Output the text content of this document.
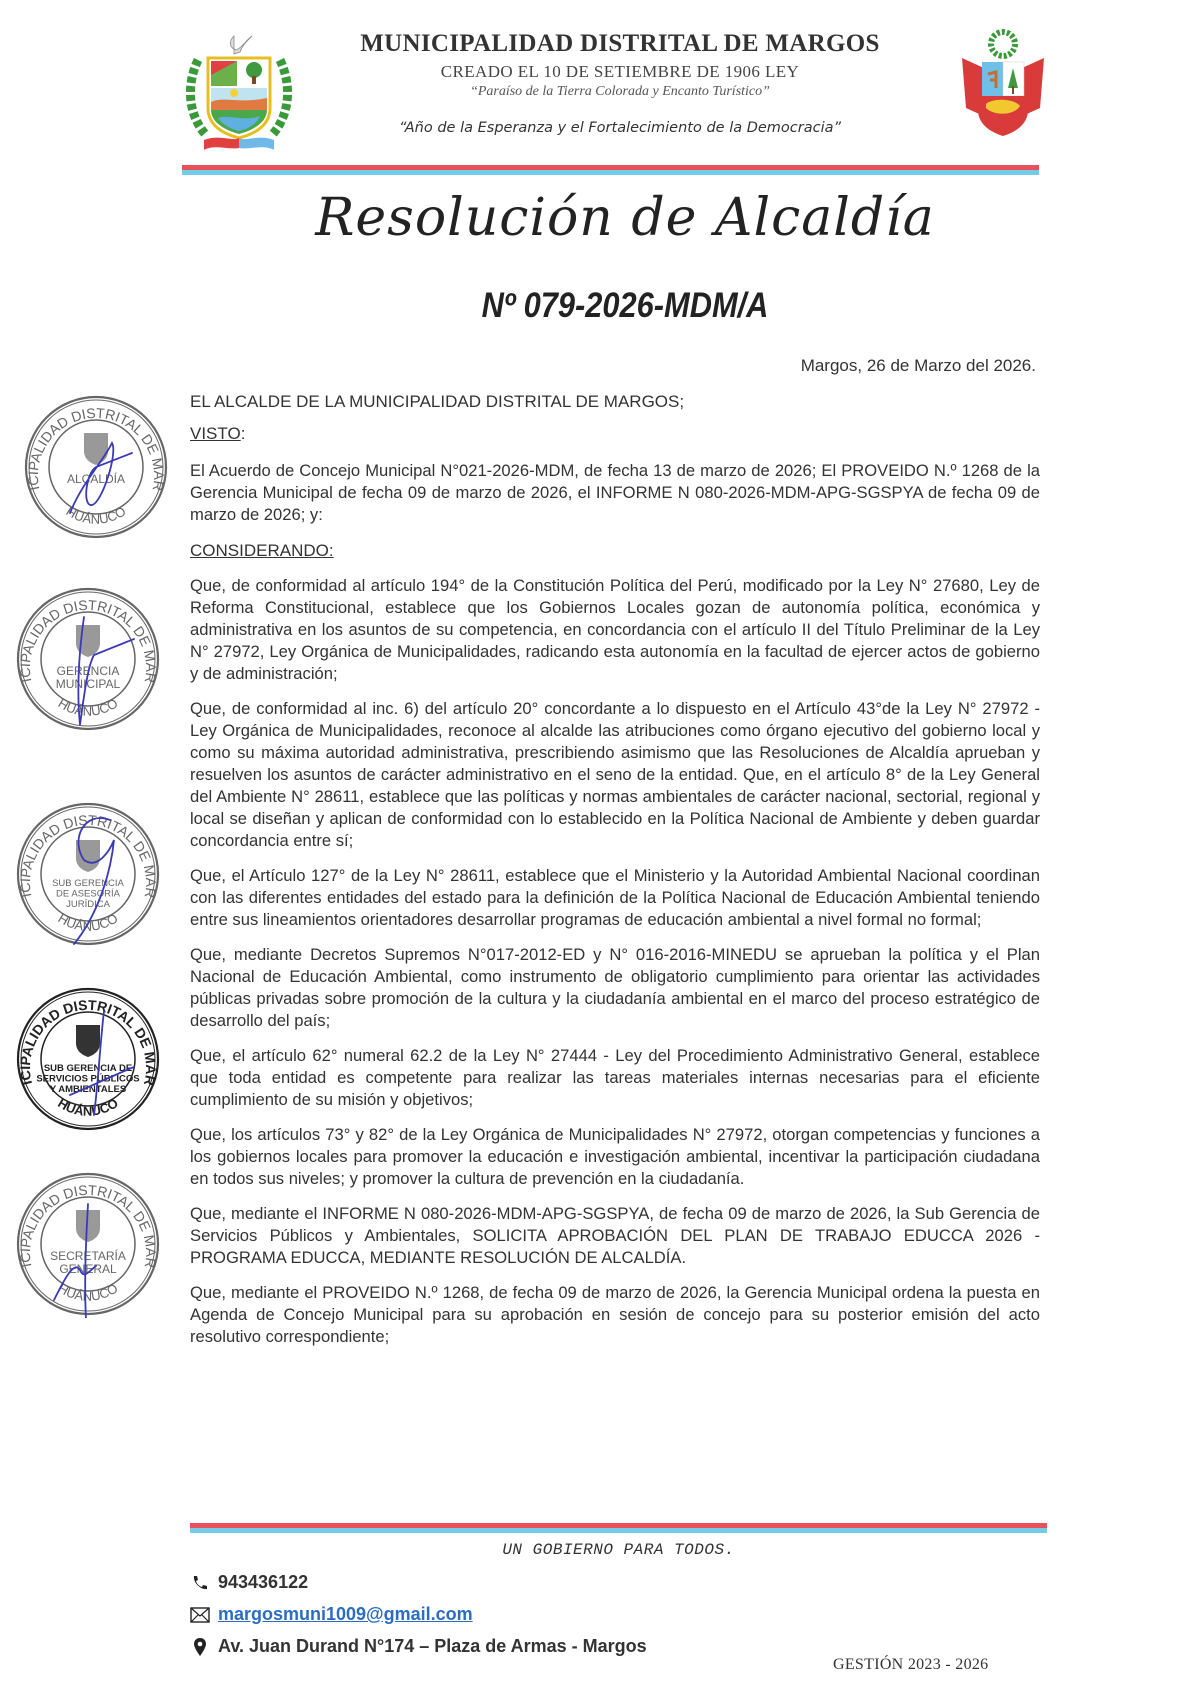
MUNICIPALIDAD DISTRITAL DE MARGOS
CREADO EL 10 DE SETIEMBRE DE 1906 LEY
“Paraíso de la Tierra Colorada y Encanto Turístico”
“Año de la Esperanza y el Fortalecimiento de la Democracia”
Resolución de Alcaldía
Nº 079-2026-MDM/A
Margos, 26 de Marzo del 2026.
EL ALCALDE DE LA MUNICIPALIDAD DISTRITAL DE MARGOS;
VISTO:
El Acuerdo de Concejo Municipal N°021-2026-MDM, de fecha 13 de marzo de 2026; El PROVEIDO N.º 1268 de la Gerencia Municipal de fecha 09 de marzo de 2026, el INFORME N 080-2026-MDM-APG-SGSPYA de fecha 09 de marzo de 2026; y:
CONSIDERANDO:

Que, de conformidad al artículo 194° de la Constitución Política del Perú, modificado por la Ley N° 27680, Ley de Reforma Constitucional, establece que los Gobiernos Locales gozan de autonomía política, económica y administrativa en los asuntos de su competencia, en concordancia con el artículo II del Título Preliminar de la Ley N° 27972, Ley Orgánica de Municipalidades, radicando esta autonomía en la facultad de ejercer actos de gobierno y de administración;

Que, de conformidad al inc. 6) del artículo 20° concordante a lo dispuesto en el Artículo 43°de la Ley N° 27972 - Ley Orgánica de Municipalidades, reconoce al alcalde las atribuciones como órgano ejecutivo del gobierno local y como su máxima autoridad administrativa, prescribiendo asimismo que las Resoluciones de Alcaldía aprueban y resuelven los asuntos de carácter administrativo en el seno de la entidad. Que, en el artículo 8° de la Ley General del Ambiente N° 28611, establece que las políticas y normas ambientales de carácter nacional, sectorial, regional y local se diseñan y aplican de conformidad con lo establecido en la Política Nacional de Ambiente y deben guardar concordancia entre sí;

Que, el Artículo 127° de la Ley N° 28611, establece que el Ministerio y la Autoridad Ambiental Nacional coordinan con las diferentes entidades del estado para la definición de la Política Nacional de Educación Ambiental teniendo entre sus lineamientos orientadores desarrollar programas de educación ambiental a nivel formal no formal;

Que, mediante Decretos Supremos N°017-2012-ED y N° 016-2016-MINEDU se aprueban la política y el Plan Nacional de Educación Ambiental, como instrumento de obligatorio cumplimiento para orientar las actividades públicas privadas sobre promoción de la cultura y la ciudadanía ambiental en el marco del proceso estratégico de desarrollo del país;

Que, el artículo 62° numeral 62.2 de la Ley N° 27444 - Ley del Procedimiento Administrativo General, establece que toda entidad es competente para realizar las tareas materiales internas necesarias para el eficiente cumplimiento de su misión y objetivos;

Que, los artículos 73° y 82° de la Ley Orgánica de Municipalidades N° 27972, otorgan competencias y funciones a los gobiernos locales para promover la educación e investigación ambiental, incentivar la participación ciudadana en todos sus niveles; y promover la cultura de prevención en la ciudadanía.

Que, mediante el INFORME N 080-2026-MDM-APG-SGSPYA, de fecha 09 de marzo de 2026, la Sub Gerencia de Servicios Públicos y Ambientales, SOLICITA APROBACIÓN DEL PLAN DE TRABAJO EDUCCA 2026 - PROGRAMA EDUCCA, MEDIANTE RESOLUCIÓN DE ALCALDÍA.

Que, mediante el PROVEIDO N.º 1268, de fecha 09 de marzo de 2026, la Gerencia Municipal ordena la puesta en Agenda de Concejo Municipal para su aprobación en sesión de concejo para su posterior emisión del acto resolutivo correspondiente;

ICIPALIDAD DISTRITAL DE MAR
HUÁNUCO
ALCALDÍA
ICIPALIDAD DISTRITAL DE MAR
HUÁNUCO
GERENCIA
MUNICIPAL
ICIPALIDAD DISTRITAL DE MAR
HUÁNUCO
SUB GERENCIA
DE ASESORÍA
JURÍDICA
ICIPALIDAD DISTRITAL DE MAR
HUÁNUCO
SUB GERENCIA DE
SERVICIOS PÚBLICOS
Y AMBIENTALES
ICIPALIDAD DISTRITAL DE MAR
HUÁNUCO
SECRETARÍA
GENERAL
UN GOBIERNO PARA TODOS.
943436122
margosmuni1009@gmail.com
Av. Juan Durand N°174 – Plaza de Armas - Margos
GESTIÓN 2023 - 2026
